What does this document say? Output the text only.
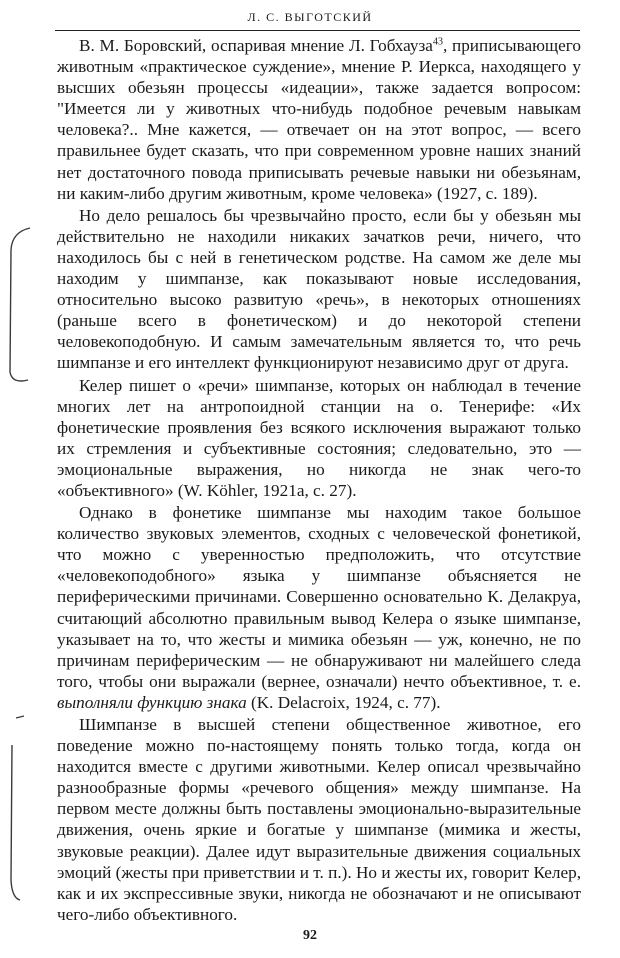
Л. С. ВЫГОТСКИЙ

В. М. Боровский, оспаривая мнение Л. Гобхауза$^{43}$, приписывающего животным «практическое суждение», мнение Р. Иеркса, находящего у высших обезьян процессы «идеации», также задается вопросом: "Имеется ли у животных что-нибудь подобное речевым навыкам человека?.. Мне кажется, — отвечает он на этот вопрос, — всего правильнее будет сказать, что при современном уровне наших знаний нет достаточного повода приписывать речевые навыки ни обезьянам, ни каким-либо другим животным, кроме человека» (1927, с. 189).

Но дело решалось бы чрезвычайно просто, если бы у обезьян мы действительно не находили никаких зачатков речи, ничего, что находилось бы с ней в генетическом родстве. На самом же деле мы находим у шимпанзе, как показывают новые исследования, относительно высоко развитую «речь», в некоторых отношениях (раньше всего в фонетическом) и до некоторой степени человекоподобную. И самым замечательным является то, что речь шимпанзе и его интеллект функционируют независимо друг от друга.

Келер пишет о «речи» шимпанзе, которых он наблюдал в течение многих лет на антропоидной станции на о. Тенерифе: «Их фонетические проявления без всякого исключения выражают только их стремления и субъективные состояния; следовательно, это — эмоциональные выражения, но никогда не знак чего-то «объективного» (W. Köhler, 1921a, с. 27).

Однако в фонетике шимпанзе мы находим такое большое количество звуковых элементов, сходных с человеческой фонетикой, что можно с уверенностью предположить, что отсутствие «человекоподобного» языка у шимпанзе объясняется не периферическими причинами. Совершенно основательно К. Делакруа, считающий абсолютно правильным вывод Келера о языке шимпанзе, указывает на то, что жесты и мимика обезьян — уж, конечно, не по причинам периферическим — не обнаруживают ни малейшего следа того, чтобы они выражали (вернее, означали) нечто объективное, т. е. выполняли функцию знака (K. Delacroix, 1924, с. 77).

Шимпанзе в высшей степени общественное животное, его поведение можно по-настоящему понять только тогда, когда он находится вместе с другими животными. Келер описал чрезвычайно разнообразные формы «речевого общения» между шимпанзе. На первом месте должны быть поставлены эмоционально-выразительные движения, очень яркие и богатые у шимпанзе (мимика и жесты, звуковые реакции). Далее идут выразительные движения социальных эмоций (жесты при приветствии и т. п.). Но и жесты их, говорит Келер, как и их экспрессивные звуки, никогда не обозначают и не описывают чего-либо объективного.

92
